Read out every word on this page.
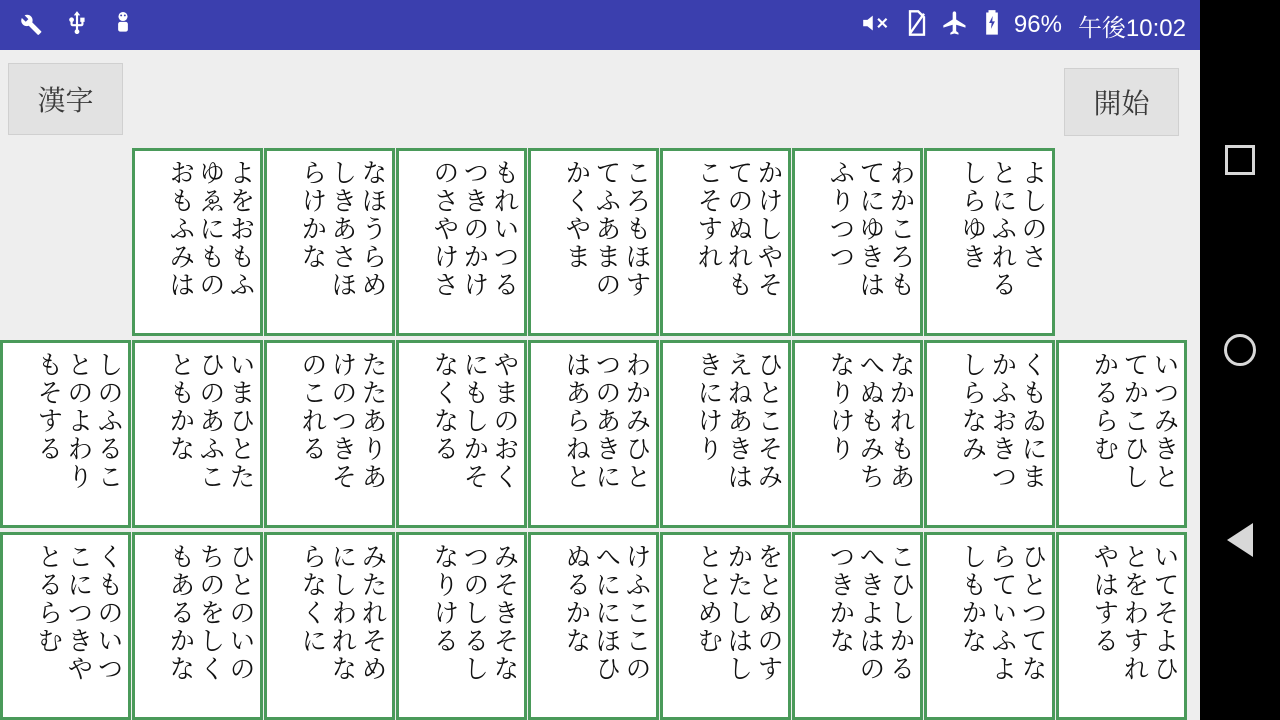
96% 午後10:02
漢字	開始
よをおもふ
ゆゑにもの
おもふみは	なほうらめ
しきあさほ
らけかな	もれいつる
つきのかけ
のさやけさ	ころもほす
てふあまの
かくやま	かけしやそ
てのぬれも
こそすれ	わかころも
てにゆきは
ふりつつ	よしのさ
とにふれる
しらゆき
しのふるこ
とのよわり
もそする	いまひとた
ひのあふこ
ともかな	たたありあ
けのつきそ
のこれる	やまのおく
にもしかそ
なくなる	わかみひと
つのあきに
はあらねと	ひとこそみ
えねあきは
きにけり	なかれもあ
へぬもみち
なりけり	くもゐにま
かふおきつ
しらなみ	いつみきと
てかこひし
かるらむ
くものいつ
こにつきや
とるらむ	ひとのいの
ちのをしく
もあるかな	みたれそめ
にしわれな
らなくに	みそきそな
つのしるし
なりける	けふここの
へににほひ
ぬるかな	をとめのす
かたしはし
ととめむ	こひしかる
へきよはの
つきかな	ひとつてな
らていふよ
しもかな	いてそよひ
とをわすれ
やはする
